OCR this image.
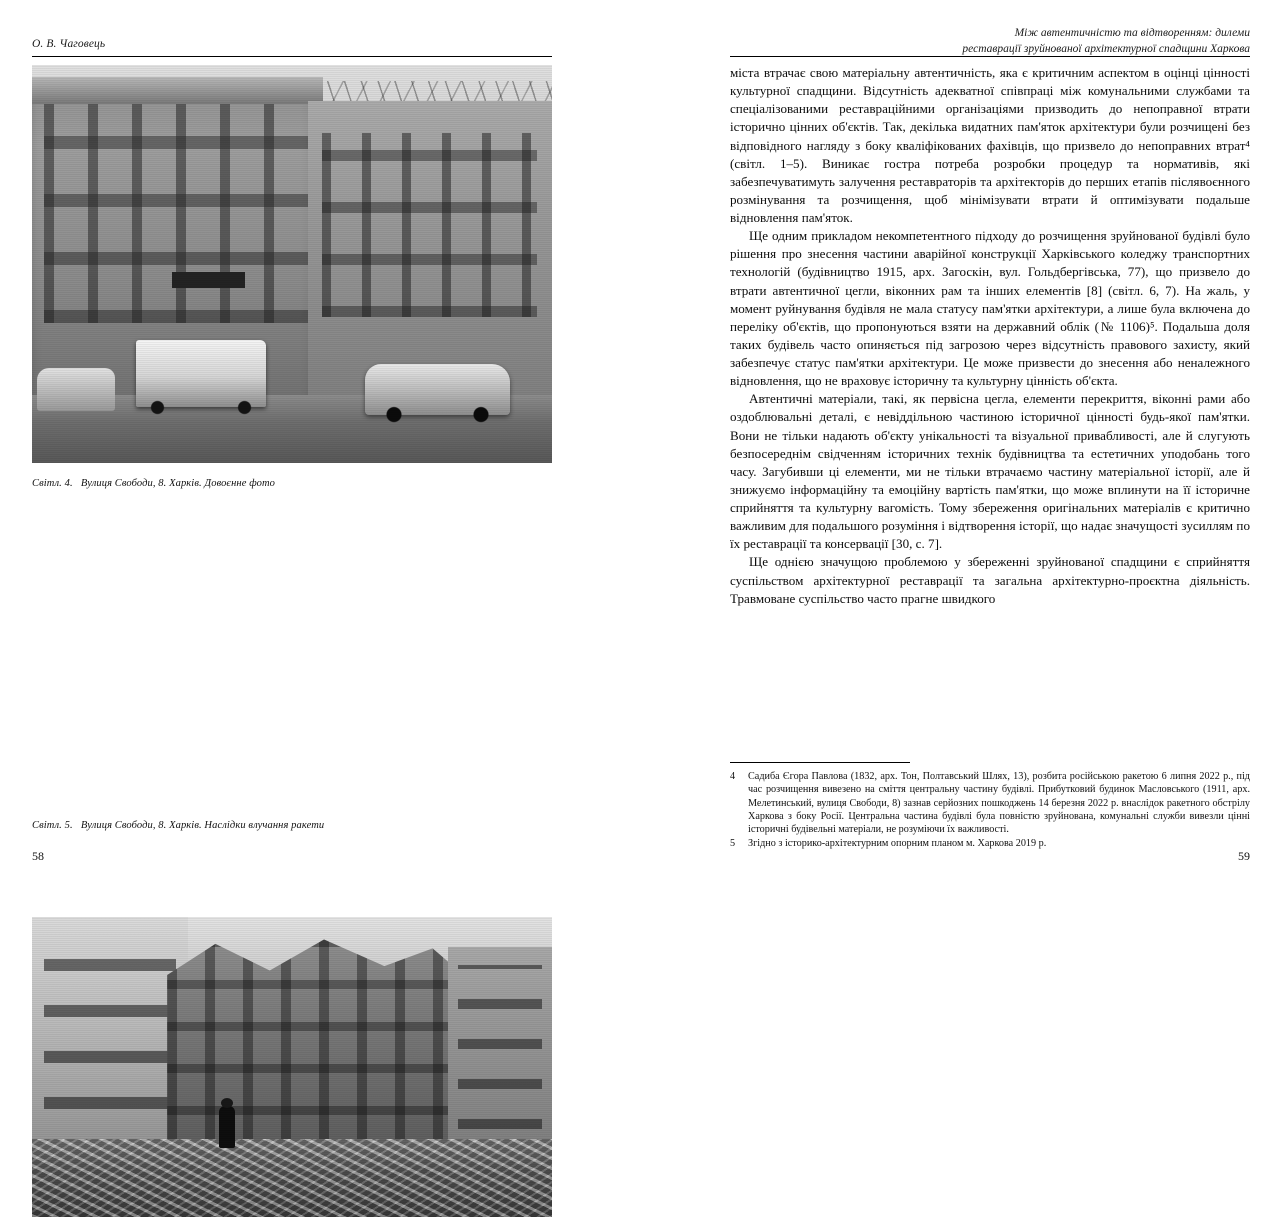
О. В. Чаговець
Світл. 4. Вулиця Свободи, 8. Харків. Довоєнне фото
Світл. 5. Вулиця Свободи, 8. Харків. Наслідки влучання ракети
58
Між автентичністю та відтворенням: дилеми
реставрації зруйнованої архітектурної спадщини Харкова

міста втрачає свою матеріальну автентичність, яка є критичним аспектом в оцінці цінності культурної спадщини. Відсутність адекватної співпраці між комунальними службами та спеціалізованими реставраційними організаціями призводить до непоправної втрати історично цінних об'єктів. Так, декілька видатних пам'яток архітектури були розчищені без відповідного нагляду з боку кваліфікованих фахівців, що призвело до непоправних втрат⁴ (світл. 1–5). Виникає гостра потреба розробки процедур та нормативів, які забезпечуватимуть залучення реставраторів та архітекторів до перших етапів післявоєнного розмінування та розчищення, щоб мінімізувати втрати й оптимізувати подальше відновлення пам'яток.

Ще одним прикладом некомпетентного підходу до розчищення зруйнованої будівлі було рішення про знесення частини аварійної конструкції Харківського коледжу транспортних технологій (будівництво 1915, арх. Загоскін, вул. Гольдбергівська, 77), що призвело до втрати автентичної цегли, віконних рам та інших елементів [8] (світл. 6, 7). На жаль, у момент руйнування будівля не мала статусу пам'ятки архітектури, а лише була включена до переліку об'єктів, що пропонуються взяти на державний облік (№ 1106)⁵. Подальша доля таких будівель часто опиняється під загрозою через відсутність правового захисту, який забезпечує статус пам'ятки архітектури. Це може призвести до знесення або неналежного відновлення, що не враховує історичну та культурну цінність об'єкта.

Автентичні матеріали, такі, як первісна цегла, елементи перекриття, віконні рами або оздоблювальні деталі, є невіддільною частиною історичної цінності будь-якої пам'ятки. Вони не тільки надають об'єкту унікальності та візуальної привабливості, але й слугують безпосереднім свідченням історичних технік будівництва та естетичних уподобань того часу. Загубивши ці елементи, ми не тільки втрачаємо частину матеріальної історії, але й знижуємо інформаційну та емоційну вартість пам'ятки, що може вплинути на її історичне сприйняття та культурну вагомість. Тому збереження оригінальних матеріалів є критично важливим для подальшого розуміння і відтворення історії, що надає значущості зусиллям по їх реставрації та консервації [30, с. 7].

Ще однією значущою проблемою у збереженні зруйнованої спадщини є сприйняття суспільством архітектурної реставрації та загальна архітектурно-проєктна діяльність. Травмоване суспільство часто прагне швидкого

4	Садиба Єгора Павлова (1832, арх. Тон, Полтавський Шлях, 13), розбита російською ракетою 6 липня 2022 р., під час розчищення вивезено на сміття центральну частину будівлі. Прибутковий будинок Масловського (1911, арх. Мелетинський, вулиця Свободи, 8) зазнав серйозних пошкоджень 14 березня 2022 р. внаслідок ракетного обстрілу Харкова з боку Росії. Центральна частина будівлі була повністю зруйнована, комунальні служби вивезли цінні історичні будівельні матеріали, не розуміючи їх важливості.
5	Згідно з історико-архітектурним опорним планом м. Харкова 2019 р.
59
